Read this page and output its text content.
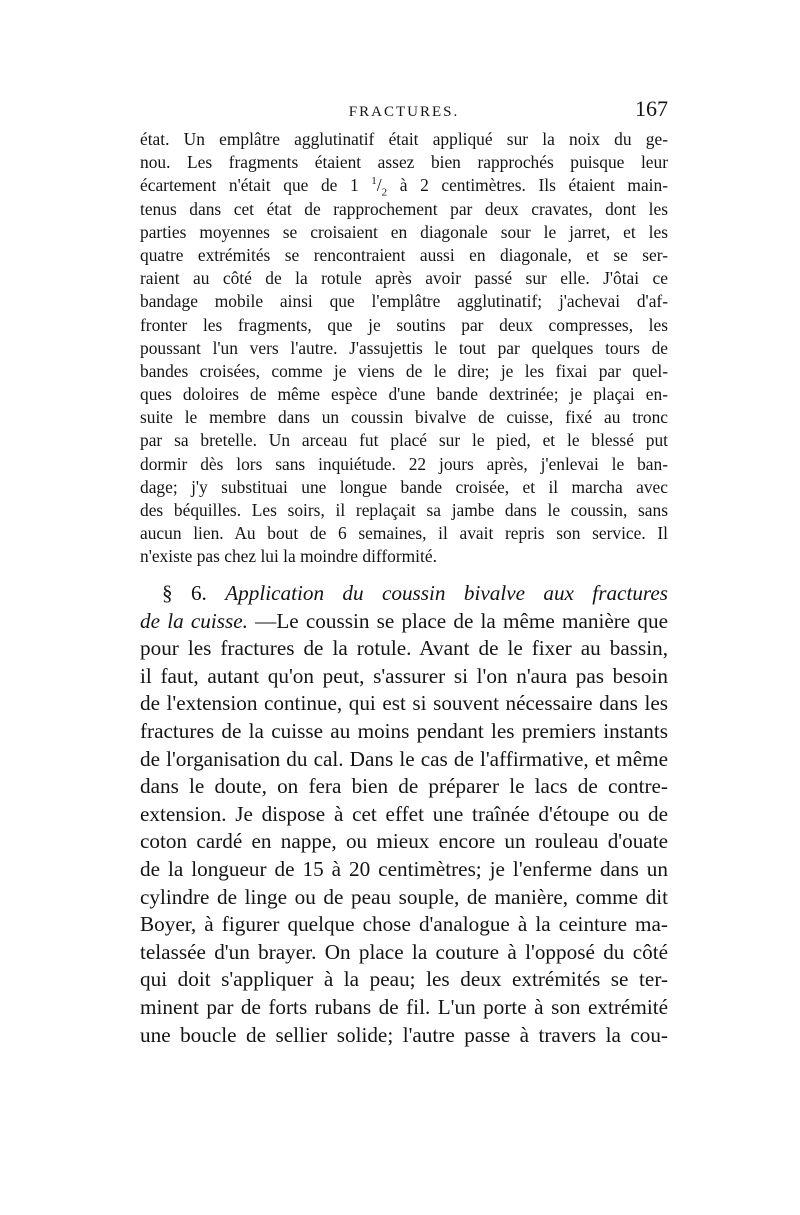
FRACTURES.	167
état. Un emplâtre agglutinatif était appliqué sur la noix du ge-
nou. Les fragments étaient assez bien rapprochés puisque leur
écartement n'était que de 1 $^1/_2$ à 2 centimètres. Ils étaient main-
tenus dans cet état de rapprochement par deux cravates, dont les
parties moyennes se croisaient en diagonale sour le jarret, et les
quatre extrémités se rencontraient aussi en diagonale, et se ser-
raient au côté de la rotule après avoir passé sur elle. J'ôtai ce
bandage mobile ainsi que l'emplâtre agglutinatif; j'achevai d'af-
fronter les fragments, que je soutins par deux compresses, les
poussant l'un vers l'autre. J'assujettis le tout par quelques tours de
bandes croisées, comme je viens de le dire; je les fixai par quel-
ques doloires de même espèce d'une bande dextrinée; je plaçai en-
suite le membre dans un coussin bivalve de cuisse, fixé au tronc
par sa bretelle. Un arceau fut placé sur le pied, et le blessé put
dormir dès lors sans inquiétude. 22 jours après, j'enlevai le ban-
dage; j'y substituai une longue bande croisée, et il marcha avec
des béquilles. Les soirs, il replaçait sa jambe dans le coussin, sans
aucun lien. Au bout de 6 semaines, il avait repris son service. Il
n'existe pas chez lui la moindre difformité.
§ 6. Application du coussin bivalve aux fractures
de la cuisse. —Le coussin se place de la même manière que
pour les fractures de la rotule. Avant de le fixer au bassin,
il faut, autant qu'on peut, s'assurer si l'on n'aura pas besoin
de l'extension continue, qui est si souvent nécessaire dans les
fractures de la cuisse au moins pendant les premiers instants
de l'organisation du cal. Dans le cas de l'affirmative, et même
dans le doute, on fera bien de préparer le lacs de contre-
extension. Je dispose à cet effet une traînée d'étoupe ou de
coton cardé en nappe, ou mieux encore un rouleau d'ouate
de la longueur de 15 à 20 centimètres; je l'enferme dans un
cylindre de linge ou de peau souple, de manière, comme dit
Boyer, à figurer quelque chose d'analogue à la ceinture ma-
telassée d'un brayer. On place la couture à l'opposé du côté
qui doit s'appliquer à la peau; les deux extrémités se ter-
minent par de forts rubans de fil. L'un porte à son extrémité
une boucle de sellier solide; l'autre passe à travers la cou-
